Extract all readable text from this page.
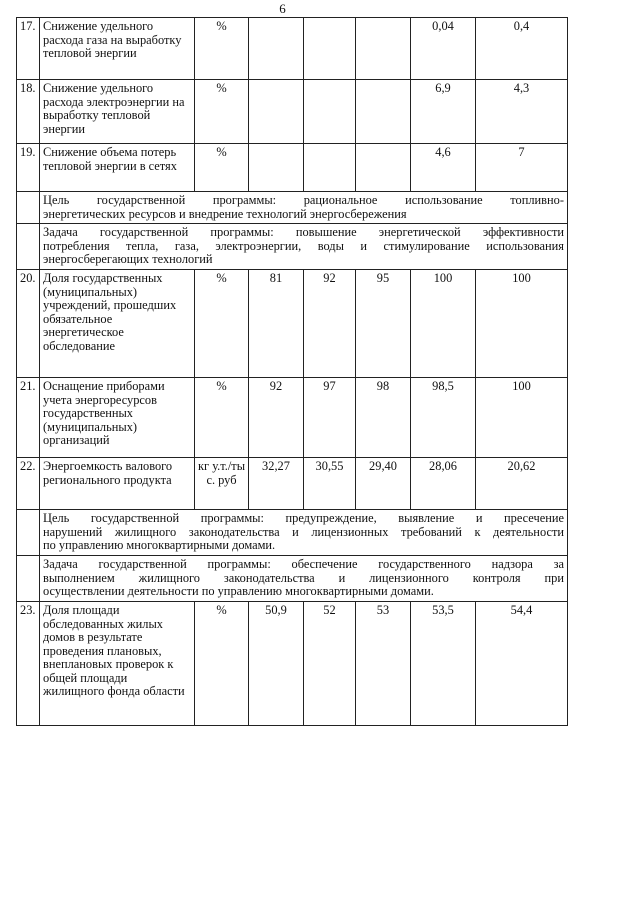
6
17.	Снижение удельного расхода газа на выработку тепловой энергии	%				0,04	0,4
18.	Снижение удельного расхода электроэнергии на выработку тепловой энергии	%				6,9	4,3
19.	Снижение объема потерь тепловой энергии в сетях	%				4,6	7

	Цель государственной программы: рациональное использование топливно-
энергетических ресурсов и внедрение технологий энергосбережения						

	Задача государственной программы: повышение энергетической эффективности
потребления тепла, газа, электроэнергии, воды и стимулирование использования
энергосберегающих технологий						

20.	Доля государственных (муниципальных) учреждений, прошедших обязательное энергетическое обследование	%	81	92	95	100	100
21.	Оснащение приборами учета энергоресурсов государственных (муниципальных) организаций	%	92	97	98	98,5	100
22.	Энергоемкость валового регионального продукта	кг у.т./ты с. руб	32,27	30,55	29,40	28,06	20,62

	Цель государственной программы: предупреждение, выявление и пресечение
нарушений жилищного законодательства и лицензионных требований к деятельности
по управлению многоквартирными домами.						

	Задача государственной программы: обеспечение государственного надзора за
выполнением жилищного законодательства и лицензионного контроля при
осуществлении деятельности по управлению многоквартирными домами.						

23.	Доля площади обследованных жилых домов в результате проведения плановых, внеплановых проверок к общей площади жилищного фонда области	%	50,9	52	53	53,5	54,4
